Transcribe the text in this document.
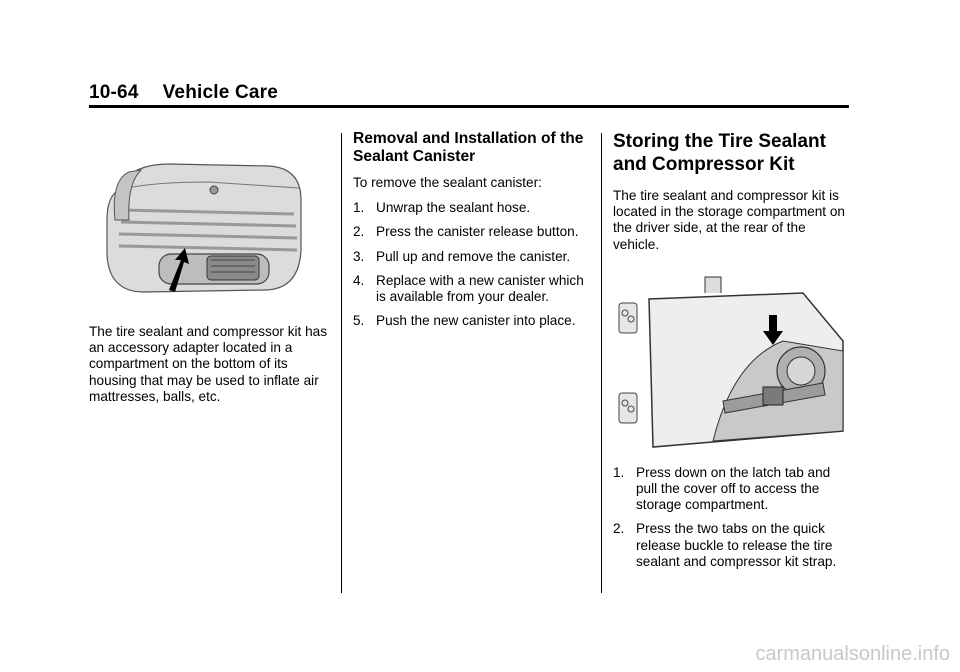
10-64 Vehicle Care

The tire sealant and compressor kit has an accessory adapter located in a compartment on the bottom of its housing that may be used to inflate air mattresses, balls, etc.

Removal and Installation of the Sealant Canister

To remove the sealant canister:

1. Unwrap the sealant hose.
2. Press the canister release button.
3. Pull up and remove the canister.
4. Replace with a new canister which is available from your dealer.
5. Push the new canister into place.
Storing the Tire Sealant and Compressor Kit

The tire sealant and compressor kit is located in the storage compartment on the driver side, at the rear of the vehicle.

1. Press down on the latch tab and pull the cover off to access the storage compartment.
2. Press the two tabs on the quick release buckle to release the tire sealant and compressor kit strap.
carmanualsonline.info
